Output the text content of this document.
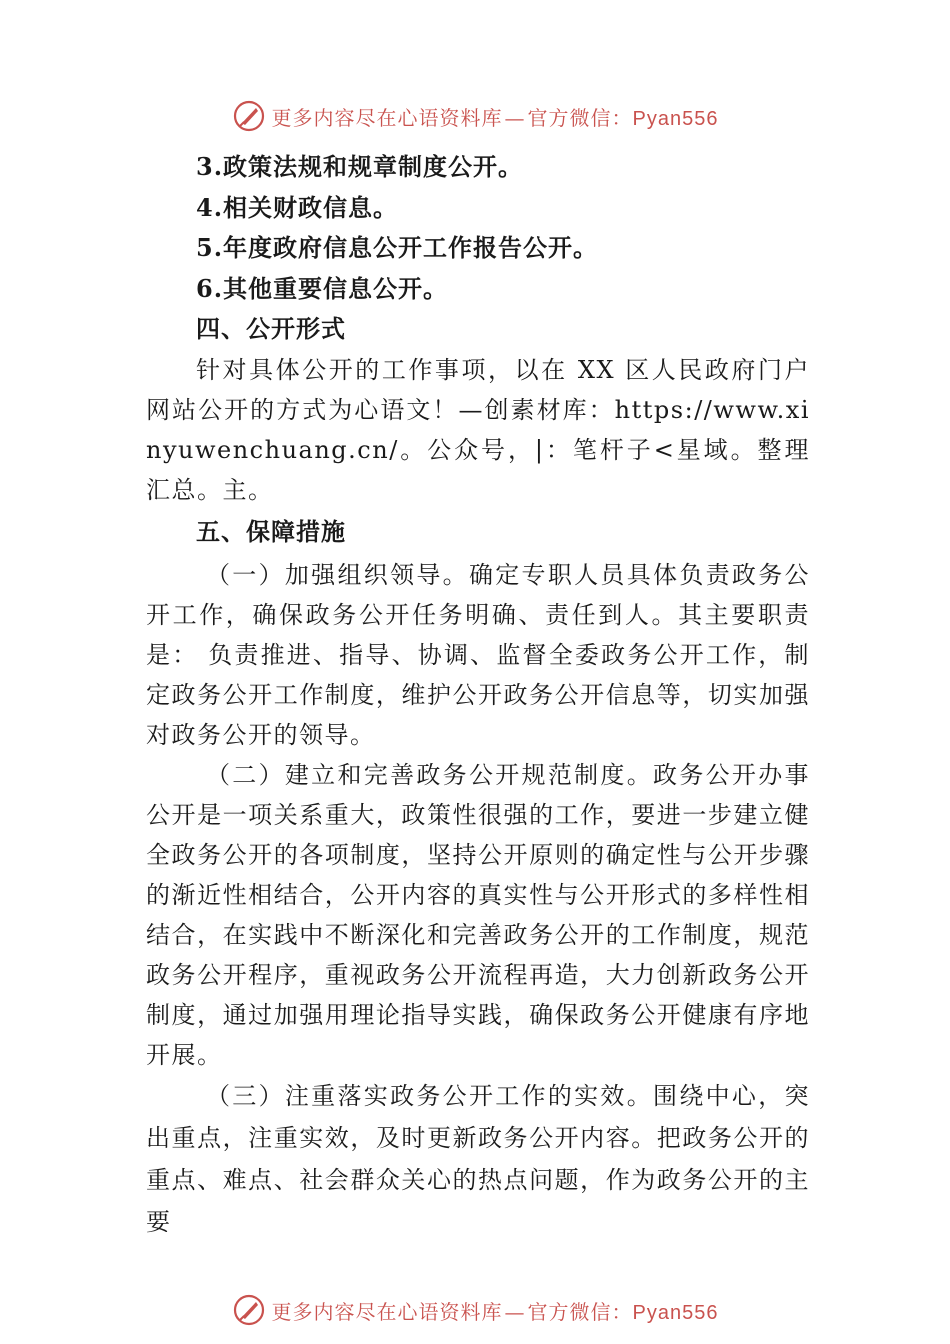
更多内容尽在心语资料库 — 官方微信：Pyan556
3.政策法规和规章制度公开。
4.相关财政信息。
5.年度政府信息公开工作报告公开。
6.其他重要信息公开。
四、公开形式
针对具体公开的工作事项，以在 XX 区人民政府门户网站公开的方式为心语文！—创素材库：https://www.xinyuwenchuang.cn/。公众号，|：笔杆子<星域。整理汇总。主。
五、保障措施
（一）加强组织领导。确定专职人员具体负责政务公开工作，确保政务公开任务明确、责任到人。其主要职责是： 负责推进、指导、协调、监督全委政务公开工作，制定政务公开工作制度，维护公开政务公开信息等，切实加强对政务公开的领导。
（二）建立和完善政务公开规范制度。政务公开办事公开是一项关系重大，政策性很强的工作，要进一步建立健全政务公开的各项制度，坚持公开原则的确定性与公开步骤的渐近性相结合，公开内容的真实性与公开形式的多样性相结合，在实践中不断深化和完善政务公开的工作制度，规范政务公开程序，重视政务公开流程再造，大力创新政务公开制度，通过加强用理论指导实践，确保政务公开健康有序地开展。
（三）注重落实政务公开工作的实效。围绕中心，突出重点，注重实效，及时更新政务公开内容。把政务公开的重点、难点、社会群众关心的热点问题，作为政务公开的主要
更多内容尽在心语资料库 — 官方微信：Pyan556
